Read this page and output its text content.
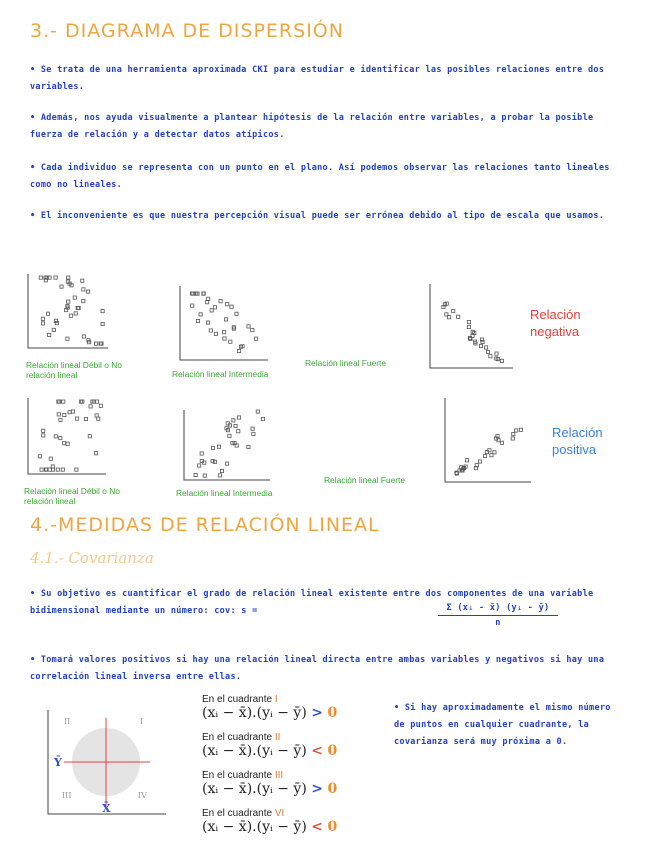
3.- DIAGRAMA DE DISPERSIÓN
• Se trata de una herramienta aproximada CKI para estudiar e identificar las posibles relaciones entre dos variables.
• Además, nos ayuda visualmente a plantear hipótesis de la relación entre variables, a probar la posible fuerza de relación y a detectar datos atípicos.
• Cada individuo se representa con un punto en el plano. Así podemos observar las relaciones tanto lineales como no lineales.
• El inconveniente es que nuestra percepción visual puede ser errónea debido al tipo de escala que usamos.
Relación lineal Débil o No relación lineal	Relación lineal Intermedia
Relación lineal Fuerte
Relación negativa
Relación lineal Débil o No relación lineal
Relación lineal Intermedia
Relación lineal Fuerte
Relación positiva
4.-MEDIDAS DE RELACIÓN LINEAL
4.1.- Covarianza
• Su objetivo es cuantificar el grado de relación lineal existente entre dos componentes de una variable bidimensional mediante un número: cov: s =	$\frac{\text{Σ (xᵢ - x̄) (yᵢ - ȳ)}}{n}$
• Tomará valores positivos si hay una relación lineal directa entre ambas variables y negativos si hay una correlación lineal inversa entre ellas.
II	I
III	IV
Ȳ
X̄
En el cuadrante I
(xᵢ − x̄).(yᵢ − ȳ) > 0
En el cuadrante II
(xᵢ − x̄).(yᵢ − ȳ) < 0
En el cuadrante III
(xᵢ − x̄).(yᵢ − ȳ) > 0
En el cuadrante VI
(xᵢ − x̄).(yᵢ − ȳ) < 0
• Si hay aproximadamente el mismo número de puntos en cualquier cuadrante, la covarianza será muy próxima a 0.
